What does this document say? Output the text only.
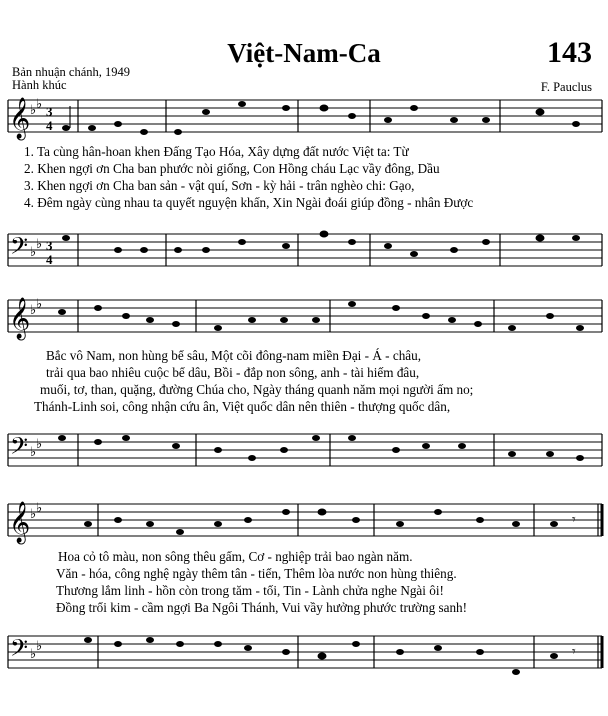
Việt-Nam-Ca	143
Bản nhuận chánh, 1949
Hành khúc	F. Pauclus
𝄞 ♭ ♭
3
4
1. Ta cùng hân-hoan khen Đấng Tạo Hóa, Xây dựng đất nước Việt ta: Từ
2. Khen ngợi ơn Cha ban phước nòi giống, Con Hồng cháu Lạc vầy đông, Dầu
3. Khen ngợi ơn Cha ban sản - vật quí, Sơn - kỳ hải - trân nghèo chi: Gạo,
4. Đêm ngày cùng nhau ta quyết nguyện khấn, Xin Ngài đoái giúp đồng - nhân Được
𝄢 ♭
♭ 3
4
𝄞 ♭ ♭
Bắc vô Nam, non hùng bể sâu, Một cõi đông-nam miền Đại - Á - châu,
trải qua bao nhiêu cuộc bể dâu, Bồi - đắp non sông, anh - tài hiếm đâu,
muối, tơ, than, quặng, đường Chúa cho, Ngày tháng quanh năm mọi người ấm no;
Thánh-Linh soi, công nhận cứu ân, Việt quốc dân nên thiên - thượng quốc dân,
𝄢 ♭
♭
𝄞 ♭ ♭
𝄾
Hoa cỏ tô màu, non sông thêu gấm, Cơ - nghiệp trải bao ngàn năm.
Văn - hóa, công nghệ ngày thêm tân - tiến, Thêm lòa nước non hùng thiêng.
Thương lắm linh - hồn còn trong tăm - tối, Tin - Lành chửa nghe Ngài ôi!
Đồng trổi kim - cầm ngợi Ba Ngôi Thánh, Vui vầy hưởng phước trường sanh!
𝄢 ♭
♭	𝄾
